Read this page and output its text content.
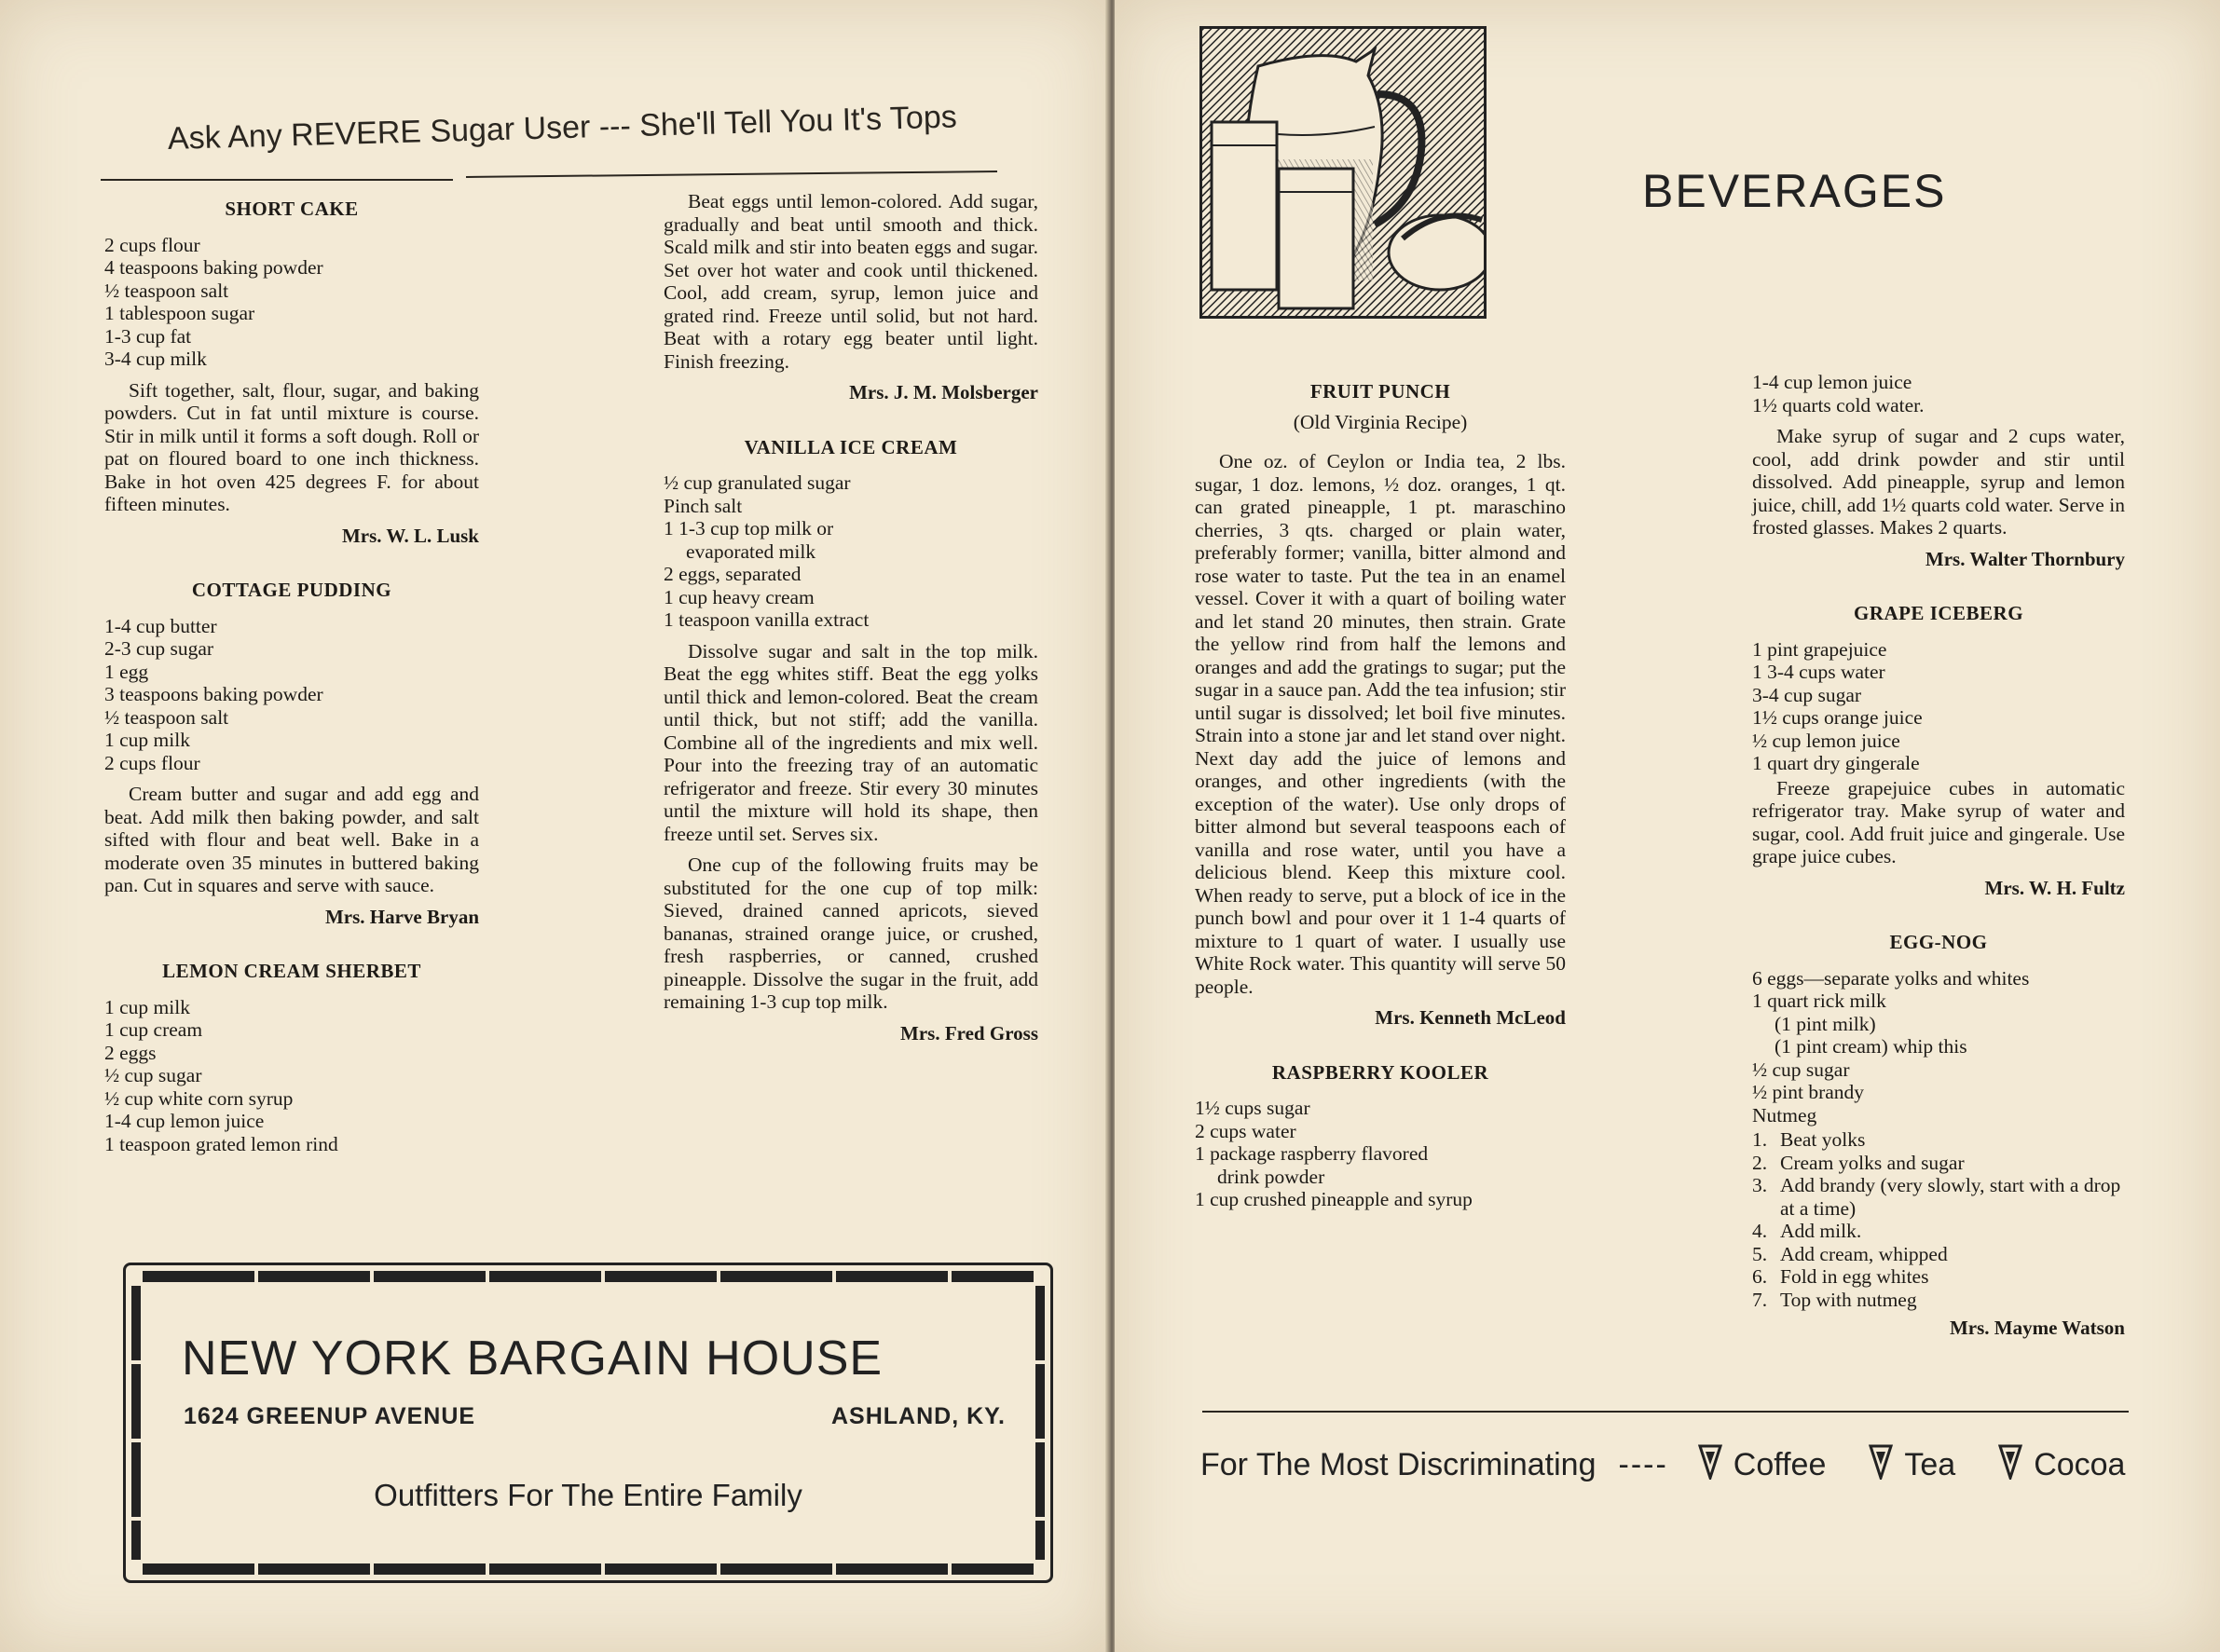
Ask Any REVERE Sugar User --- She'll Tell You It's Tops
SHORT CAKE
2 cups flour
4 teaspoons baking powder
½ teaspoon salt
1 tablespoon sugar
1-3 cup fat
3-4 cup milk

Sift together, salt, flour, sugar, and baking powders. Cut in fat until mixture is course. Stir in milk until it forms a soft dough. Roll or pat on floured board to one inch thickness. Bake in hot oven 425 degrees F. for about fifteen minutes.

Mrs. W. L. Lusk
COTTAGE PUDDING
1-4 cup butter
2-3 cup sugar
1 egg
3 teaspoons baking powder
½ teaspoon salt
1 cup milk
2 cups flour

Cream butter and sugar and add egg and beat. Add milk then baking powder, and salt sifted with flour and beat well. Bake in a moderate oven 35 minutes in buttered baking pan. Cut in squares and serve with sauce.

Mrs. Harve Bryan
LEMON CREAM SHERBET
1 cup milk
1 cup cream
2 eggs
½ cup sugar
½ cup white corn syrup
1-4 cup lemon juice
1 teaspoon grated lemon rind

Beat eggs until lemon-colored. Add sugar, gradually and beat until smooth and thick. Scald milk and stir into beaten eggs and sugar. Set over hot water and cook until thickened. Cool, add cream, syrup, lemon juice and grated rind. Freeze until solid, but not hard. Beat with a rotary egg beater until light. Finish freezing.

Mrs. J. M. Molsberger
VANILLA ICE CREAM
½ cup granulated sugar
Pinch salt
1 1-3 cup top milk or
evaporated milk
2 eggs, separated
1 cup heavy cream
1 teaspoon vanilla extract

Dissolve sugar and salt in the top milk. Beat the egg whites stiff. Beat the egg yolks until thick and lemon-colored. Beat the cream until thick, but not stiff; add the vanilla. Combine all of the ingredients and mix well. Pour into the freezing tray of an automatic refrigerator and freeze. Stir every 30 minutes until the mixture will hold its shape, then freeze until set. Serves six.

One cup of the following fruits may be substituted for the one cup of top milk: Sieved, drained canned apricots, sieved bananas, strained orange juice, or crushed, fresh raspberries, or canned, crushed pineapple. Dissolve the sugar in the fruit, add remaining 1-3 cup top milk.

Mrs. Fred Gross
NEW YORK BARGAIN HOUSE
1624 GREENUP AVENUE	ASHLAND, KY.
Outfitters For The Entire Family
BEVERAGES
FRUIT PUNCH
(Old Virginia Recipe)

One oz. of Ceylon or India tea, 2 lbs. sugar, 1 doz. lemons, ½ doz. oranges, 1 qt. can grated pineapple, 1 pt. maraschino cherries, 3 qts. charged or plain water, preferably former; vanilla, bitter almond and rose water to taste. Put the tea in an enamel vessel. Cover it with a quart of boiling water and let stand 20 minutes, then strain. Grate the yellow rind from half the lemons and oranges and add the gratings to sugar; put the sugar in a sauce pan. Add the tea infusion; stir until sugar is dissolved; let boil five minutes. Strain into a stone jar and let stand over night. Next day add the juice of lemons and oranges, and other ingredients (with the exception of the water). Use only drops of bitter almond but several teaspoons each of vanilla and rose water, until you have a delicious blend. Keep this mixture cool. When ready to serve, put a block of ice in the punch bowl and pour over it 1 1-4 quarts of mixture to 1 quart of water. I usually use White Rock water. This quantity will serve 50 people.

Mrs. Kenneth McLeod
RASPBERRY KOOLER
1½ cups sugar
2 cups water
1 package raspberry flavored
drink powder
1 cup crushed pineapple and syrup
1-4 cup lemon juice
1½ quarts cold water.

Make syrup of sugar and 2 cups water, cool, add drink powder and stir until dissolved. Add pineapple, syrup and lemon juice, chill, add 1½ quarts cold water. Serve in frosted glasses. Makes 2 quarts.

Mrs. Walter Thornbury
GRAPE ICEBERG
1 pint grapejuice
1 3-4 cups water
3-4 cup sugar
1½ cups orange juice
½ cup lemon juice
1 quart dry gingerale

Freeze grapejuice cubes in automatic refrigerator tray. Make syrup of water and sugar, cool. Add fruit juice and gingerale. Use grape juice cubes.

Mrs. W. H. Fultz
EGG-NOG
6 eggs—separate yolks and whites
1 quart rick milk
(1 pint milk)
(1 pint cream) whip this
½ cup sugar
½ pint brandy
Nutmeg
1. Beat yolks
2. Cream yolks and sugar
3. Add brandy (very slowly, start with a drop at a time)
4. Add milk.
5. Add cream, whipped
6. Fold in egg whites
7. Top with nutmeg
Mrs. Mayme Watson
For The Most Discriminating ---- Coffee Tea Cocoa
